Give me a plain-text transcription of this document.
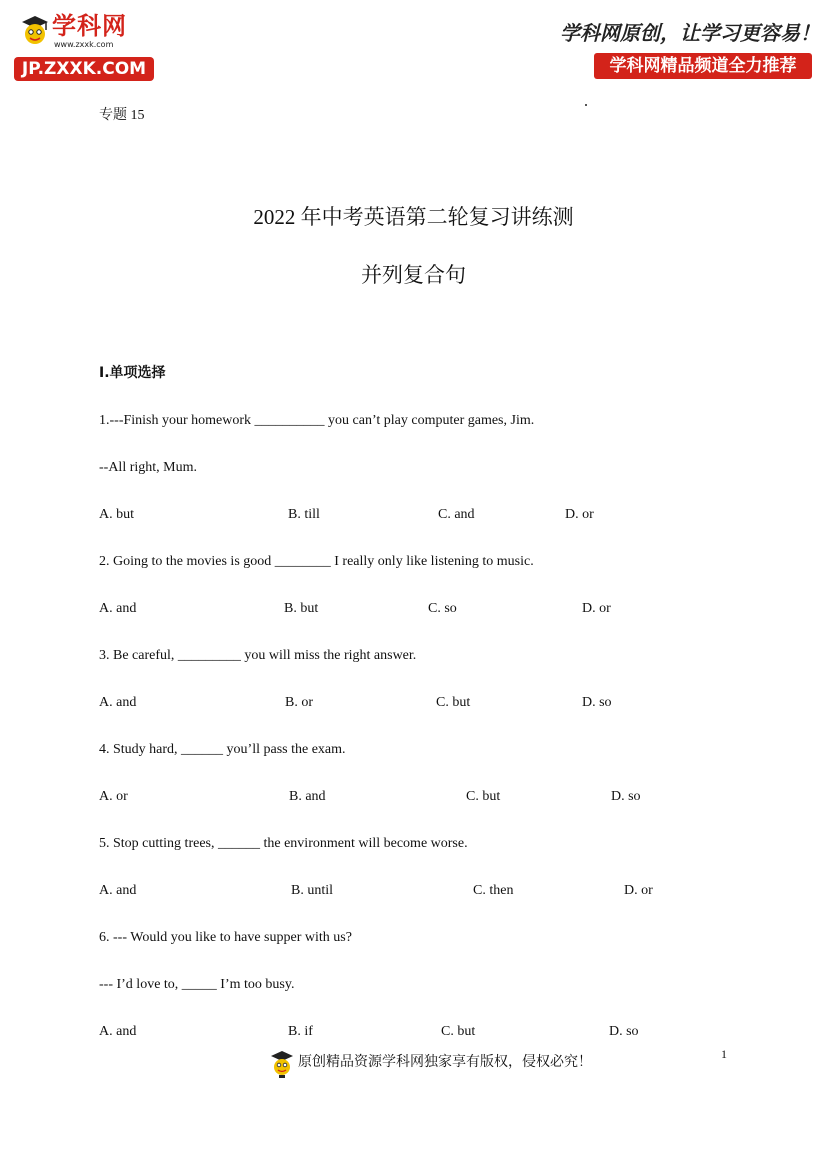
学科网
www.zxxk.com
JP.ZXXK.COM
学科网原创，让学习更容易！
学科网精品频道全力推荐
专题 15
2022 年中考英语第二轮复习讲练测
并列复合句
I.单项选择
1.---Finish your homework __________ you can’t play computer games, Jim.
--All right, Mum.
A. but	B. till	C. and	D. or
2. Going to the movies is good ________ I really only like listening to music.
A. and	B. but	C. so	D. or
3. Be careful, _________ you will miss the right answer.
A. and	B. or	C. but	D. so
4. Study hard, ______ you’ll pass the exam.
A. or	B. and	C. but	D. so
5. Stop cutting trees, ______ the environment will become worse.
A. and	B. until	C. then	D. or
6. --- Would you like to have supper with us?
--- I’d love to, _____ I’m too busy.
A. and	B. if	C. but	D. so
原创精品资源学科网独家享有版权，侵权必究！
1
